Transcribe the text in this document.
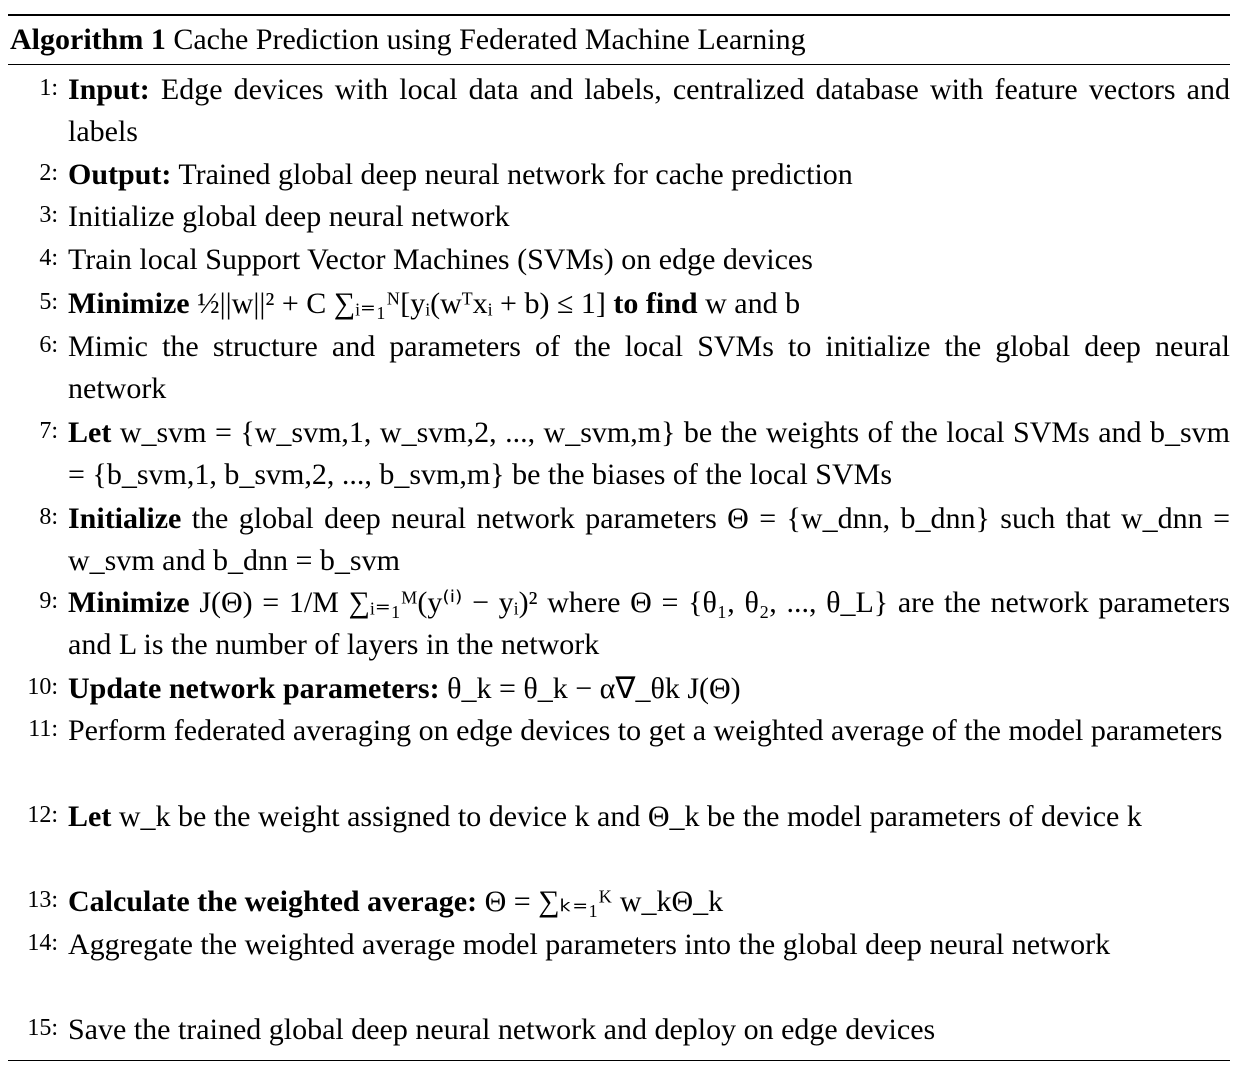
Algorithm 1 Cache Prediction using Federated Machine Learning
1: Input: Edge devices with local data and labels, centralized database with feature vectors and labels
2: Output: Trained global deep neural network for cache prediction
3: Initialize global deep neural network
4: Train local Support Vector Machines (SVMs) on edge devices
5: Minimize ½||w||² + C ∑ᵢ₌₁ᴺ[yᵢ(wᵀxᵢ + b) ≤ 1] to find w and b
6: Mimic the structure and parameters of the local SVMs to initialize the global deep neural network
7: Let w_svm = {w_svm,1, w_svm,2, ..., w_svm,m} be the weights of the local SVMs and b_svm = {b_svm,1, b_svm,2, ..., b_svm,m} be the biases of the local SVMs
8: Initialize the global deep neural network parameters Θ = {w_dnn, b_dnn} such that w_dnn = w_svm and b_dnn = b_svm
9: Minimize J(Θ) = 1/M ∑ᵢ₌₁ᴹ(y⁽ⁱ⁾ − yᵢ)² where Θ = {θ₁, θ₂, ..., θ_L} are the network parameters and L is the number of layers in the network
10: Update network parameters: θ_k = θ_k − α∇_θk J(Θ)
11: Perform federated averaging on edge devices to get a weighted average of the model parameters
12: Let w_k be the weight assigned to device k and Θ_k be the model parameters of device k
13: Calculate the weighted average: Θ = ∑ₖ₌₁ᴷ w_kΘ_k
14: Aggregate the weighted average model parameters into the global deep neural network
15: Save the trained global deep neural network and deploy on edge devices
